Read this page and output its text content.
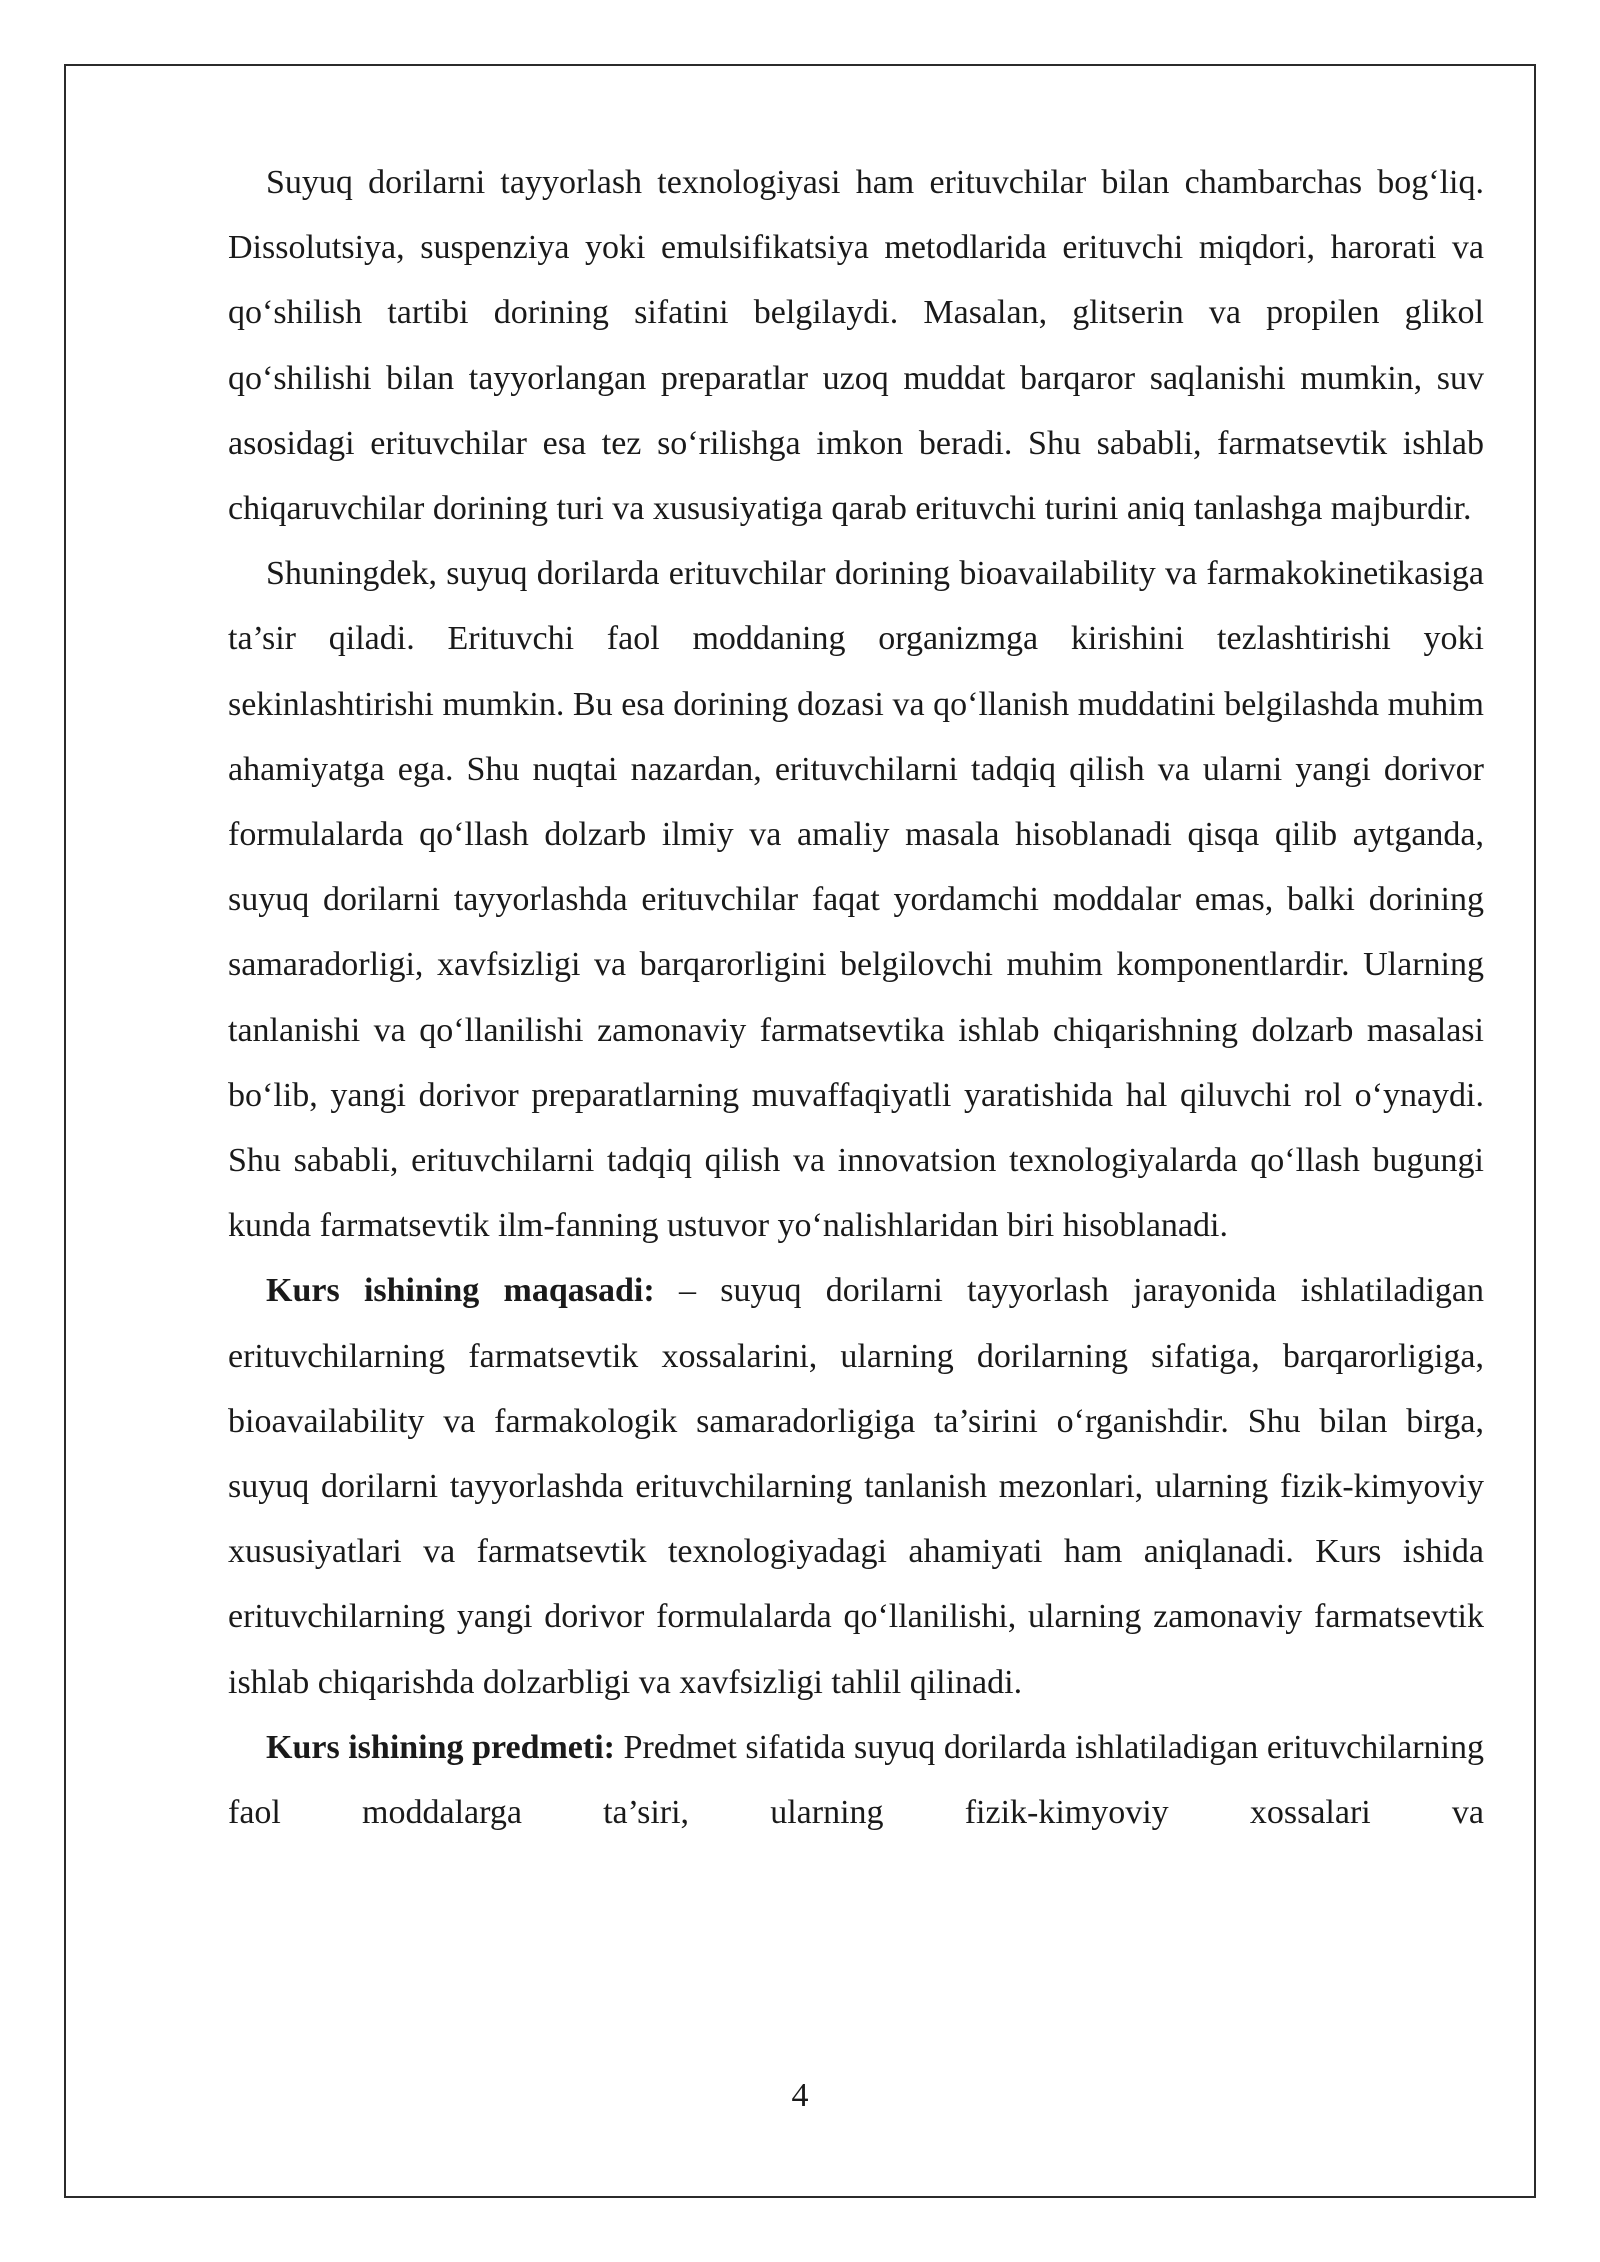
Suyuq dorilarni tayyorlash texnologiyasi ham erituvchilar bilan chambarchas bog‘liq. Dissolutsiya, suspenziya yoki emulsifikatsiya metodlarida erituvchi miqdori, harorati va qo‘shilish tartibi dorining sifatini belgilaydi. Masalan, glitserin va propilen glikol qo‘shilishi bilan tayyorlangan preparatlar uzoq muddat barqaror saqlanishi mumkin, suv asosidagi erituvchilar esa tez so‘rilishga imkon beradi. Shu sababli, farmatsevtik ishlab chiqaruvchilar dorining turi va xususiyatiga qarab erituvchi turini aniq tanlashga majburdir.

Shuningdek, suyuq dorilarda erituvchilar dorining bioavailability va farmakokinetikasiga ta’sir qiladi. Erituvchi faol moddaning organizmga kirishini tezlashtirishi yoki sekinlashtirishi mumkin. Bu esa dorining dozasi va qo‘llanish muddatini belgilashda muhim ahamiyatga ega. Shu nuqtai nazardan, erituvchilarni tadqiq qilish va ularni yangi dorivor formulalarda qo‘llash dolzarb ilmiy va amaliy masala hisoblanadi qisqa qilib aytganda, suyuq dorilarni tayyorlashda erituvchilar faqat yordamchi moddalar emas, balki dorining samaradorligi, xavfsizligi va barqarorligini belgilovchi muhim komponentlardir. Ularning tanlanishi va qo‘llanilishi zamonaviy farmatsevtika ishlab chiqarishning dolzarb masalasi bo‘lib, yangi dorivor preparatlarning muvaffaqiyatli yaratishida hal qiluvchi rol o‘ynaydi. Shu sababli, erituvchilarni tadqiq qilish va innovatsion texnologiyalarda qo‘llash bugungi kunda farmatsevtik ilm-fanning ustuvor yo‘nalishlaridan biri hisoblanadi.

Kurs ishining maqasadi: – suyuq dorilarni tayyorlash jarayonida ishlatiladigan erituvchilarning farmatsevtik xossalarini, ularning dorilarning sifatiga, barqarorligiga, bioavailability va farmakologik samaradorligiga ta’sirini o‘rganishdir. Shu bilan birga, suyuq dorilarni tayyorlashda erituvchilarning tanlanish mezonlari, ularning fizik-kimyoviy xususiyatlari va farmatsevtik texnologiyadagi ahamiyati ham aniqlanadi. Kurs ishida erituvchilarning yangi dorivor formulalarda qo‘llanilishi, ularning zamonaviy farmatsevtik ishlab chiqarishda dolzarbligi va xavfsizligi tahlil qilinadi.

Kurs ishining predmeti: Predmet sifatida suyuq dorilarda ishlatiladigan erituvchilarning faol moddalarga ta’siri, ularning fizik-kimyoviy xossalari va

4
